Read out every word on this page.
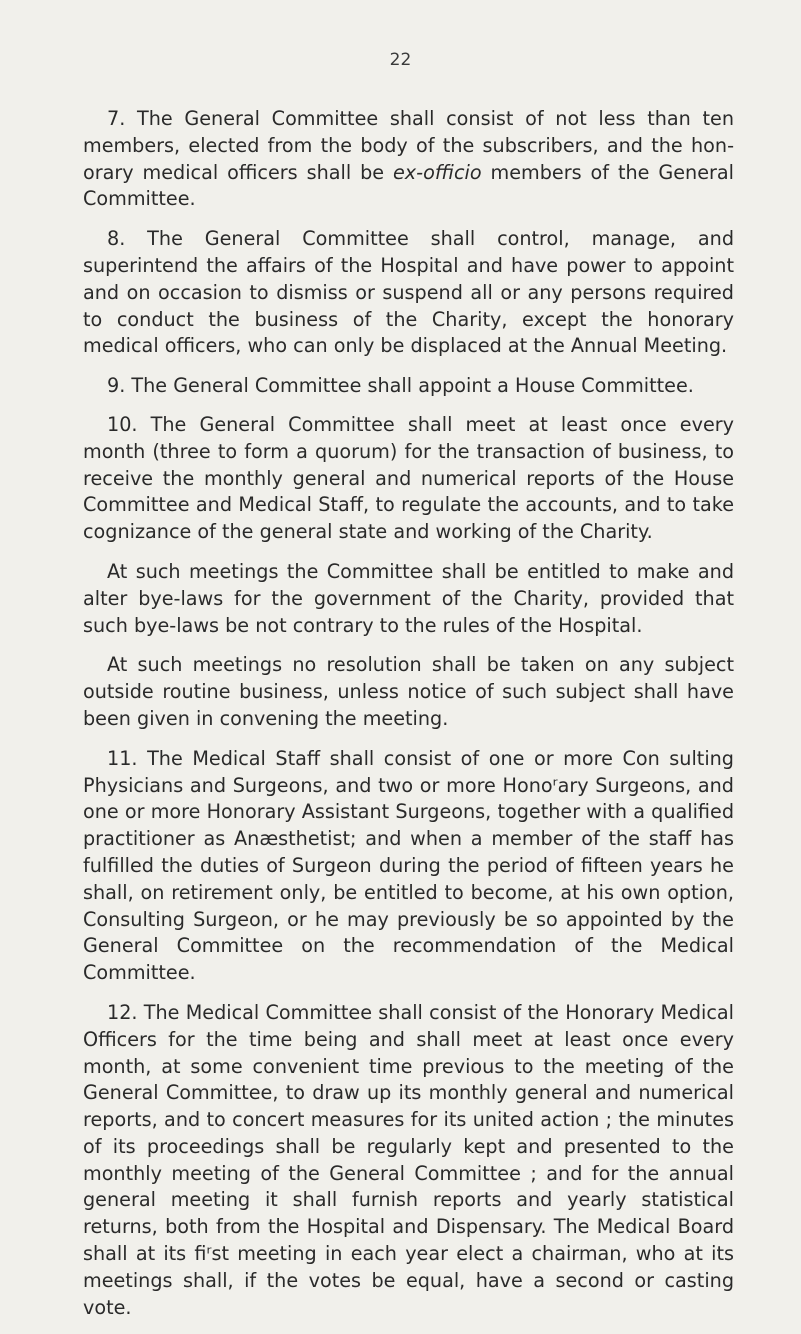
22

7. The General Committee shall consist of not less than ten members, elected from the body of the subscribers, and the honorary medical officers shall be ex-officio members of the General Committee.

8. The General Committee shall control, manage, and superintend the affairs of the Hospital and have power to appoint and on occasion to dismiss or suspend all or any persons required to conduct the business of the Charity, except the honorary medical officers, who can only be displaced at the Annual Meeting.

9. The General Committee shall appoint a House Committee.

10. The General Committee shall meet at least once every month (three to form a quorum) for the transaction of business, to receive the monthly general and numerical reports of the House Committee and Medical Staff, to regulate the accounts, and to take cognizance of the general state and working of the Charity.

At such meetings the Committee shall be entitled to make and alter bye-laws for the government of the Charity, provided that such bye-laws be not contrary to the rules of the Hospital.

At such meetings no resolution shall be taken on any subject outside routine business, unless notice of such subject shall have been given in convening the meeting.

11. The Medical Staff shall consist of one or more Con sulting Physicians and Surgeons, and two or more Honoʳary Surgeons, and one or more Honorary Assistant Surgeons, together with a qualified practitioner as Anæsthetist; and when a member of the staff has fulfilled the duties of Surgeon during the period of fifteen years he shall, on retirement only, be entitled to become, at his own option, Consulting Surgeon, or he may previously be so appointed by the General Committee on the recommendation of the Medical Committee.

12. The Medical Committee shall consist of the Honorary Medical Officers for the time being and shall meet at least once every month, at some convenient time previous to the meeting of the General Committee, to draw up its monthly general and numerical reports, and to concert measures for its united action ; the minutes of its proceedings shall be regularly kept and presented to the monthly meeting of the General Committee ; and for the annual general meeting it shall furnish reports and yearly statistical returns, both from the Hospital and Dispensary. The Medical Board shall at its fiʳst meeting in each year elect a chairman, who at its meetings shall, if the votes be equal, have a second or casting vote.
